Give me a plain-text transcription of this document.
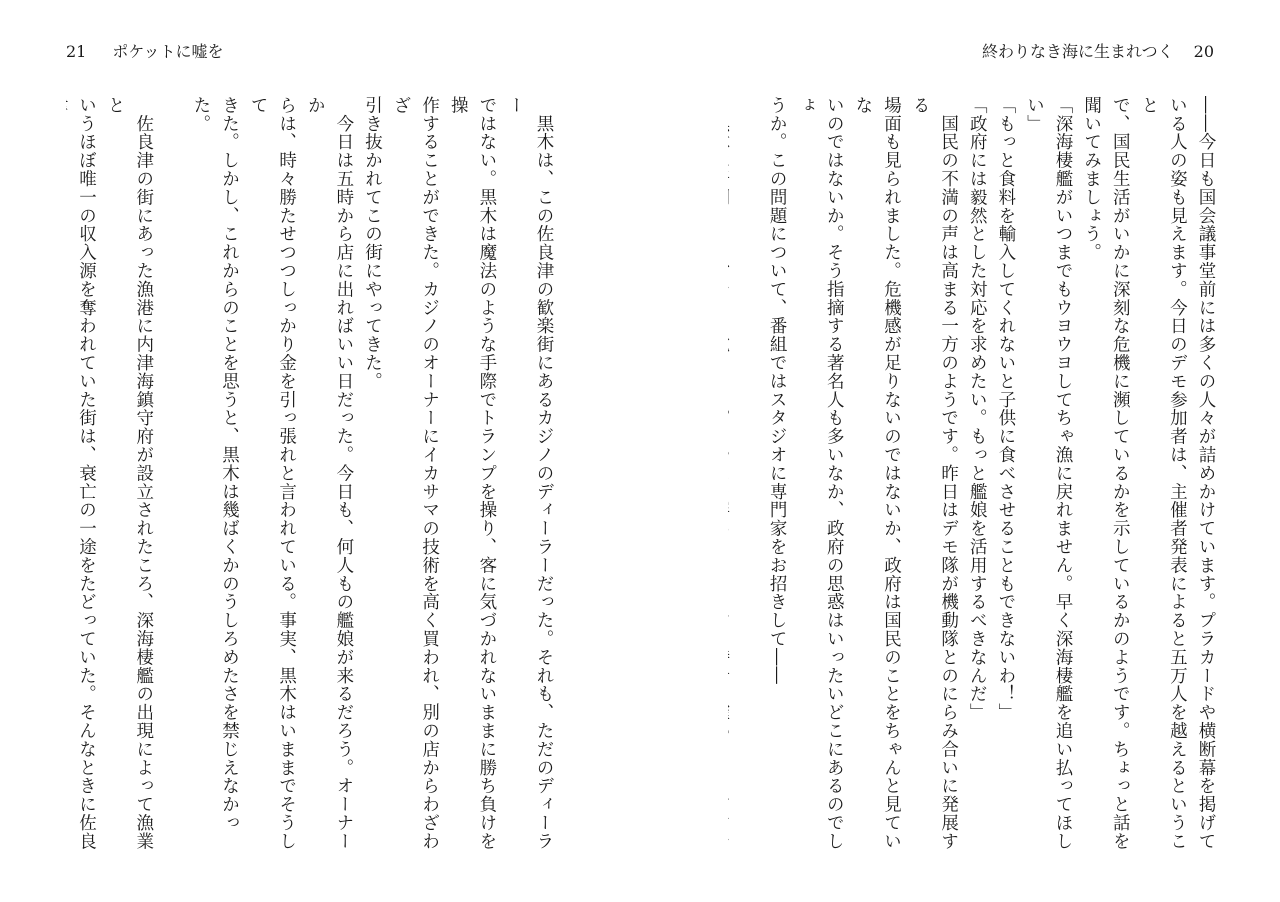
21 ポケットに嘘を	終わりなき海に生まれつく 20
――今日も国会議事堂前には多くの人々が詰めかけています。プラカードや横断幕を掲げて
いる人の姿も見えます。今日のデモ参加者は、主催者発表によると五万人を越えるということ
で、国民生活がいかに深刻な危機に瀕しているかを示しているかのようです。ちょっと話を
聞いてみましょう。
「深海棲艦がいつまでもウヨウヨしてちゃ漁に戻れません。早く深海棲艦を追い払ってほしい」
「もっと食料を輸入してくれないと子供に食べさせることもできないわ！」
「政府には毅然とした対応を求めたい。もっと艦娘を活用するべきなんだ」
　国民の不満の声は高まる一方のようです。昨日はデモ隊が機動隊とのにらみ合いに発展する
場面も見られました。危機感が足りないのではないか、政府は国民のことをちゃんと見ていな
いのではないか。そう指摘する著名人も多いなか、政府の思惑はいったいどこにあるのでしょ
うか。この問題について、番組ではスタジオに専門家をお招きして――

　黒木は、この佐良津の歓楽街にあるカジノのディーラーだった。それも、ただのディーラー
ではない。黒木は魔法のような手際でトランプを操り、客に気づかれないままに勝ち負けを操
作することができた。カジノのオーナーにイカサマの技術を高く買われ、別の店からわざわざ
引き抜かれてこの街にやってきた。
　今日は五時から店に出ればいい日だった。今日も、何人もの艦娘が来るだろう。オーナーか
らは、時々勝たせつつしっかり金を引っ張れと言われている。事実、黒木はいままでそうして
きた。しかし、これからのことを思うと、黒木は幾ばくかのうしろめたさを禁じえなかった。

　佐良津の街にあった漁港に内津海鎮守府が設立されたころ、深海棲艦の出現によって漁業と
いうほぼ唯一の収入源を奪われていた街は、衰亡の一途をたどっていた。そんなときに佐良
